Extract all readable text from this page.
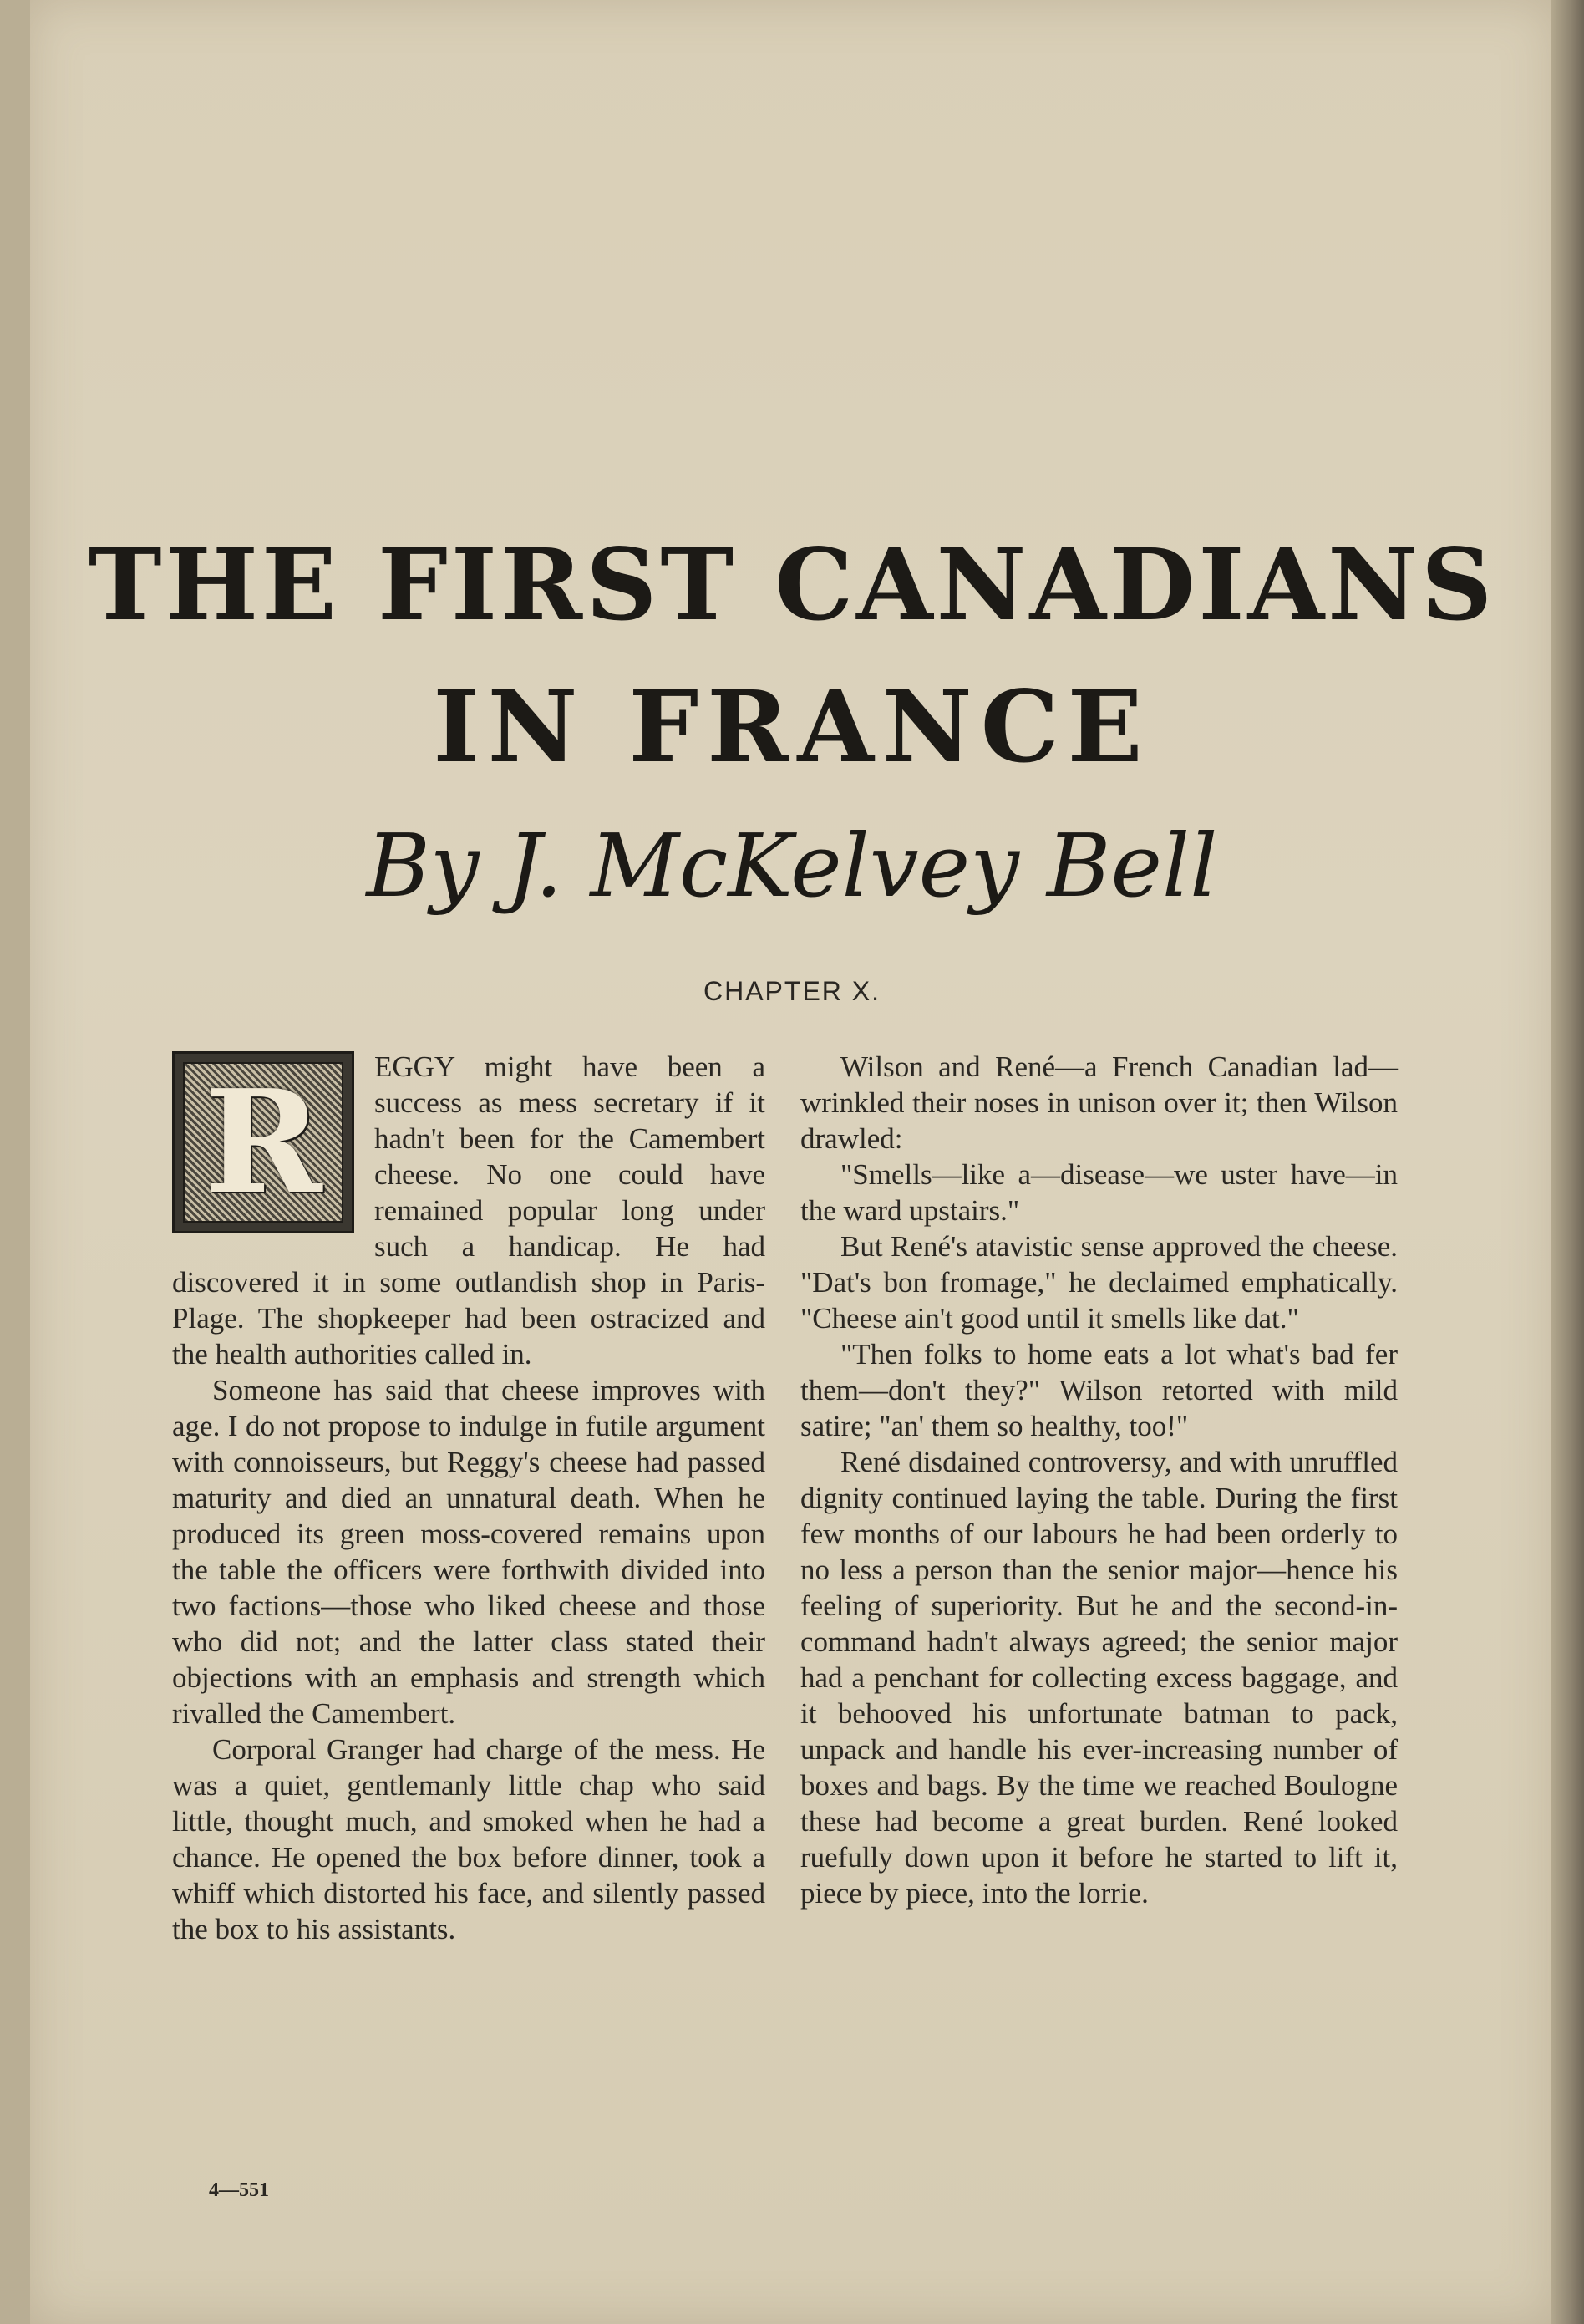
THE FIRST CANADIANS
IN FRANCE
By J. McKelvey Bell
CHAPTER X.
R	EGGY might have been a success as mess secretary if it hadn't been for the Camembert cheese. No one could have remained popular long under such a handicap. He had discovered it in some outlandish shop in Paris-Plage. The shopkeeper had been ostracized and the health authorities called in.

Someone has said that cheese improves with age. I do not propose to indulge in futile argument with connoisseurs, but Reggy's cheese had passed maturity and died an unnatural death. When he produced its green moss-covered remains upon the table the officers were forthwith divided into two factions—those who liked cheese and those who did not; and the latter class stated their objections with an emphasis and strength which rivalled the Camembert.

Corporal Granger had charge of the mess. He was a quiet, gentlemanly little chap who said little, thought much, and smoked when he had a chance. He opened the box before dinner, took a whiff which distorted his face, and silently passed the box to his assistants.

Wilson and René—a French Canadian lad—wrinkled their noses in unison over it; then Wilson drawled:

"Smells—like a—disease—we uster have—in the ward upstairs."

But René's atavistic sense approved the cheese. "Dat's bon fromage," he declaimed emphatically. "Cheese ain't good until it smells like dat."

"Then folks to home eats a lot what's bad fer them—don't they?" Wilson retorted with mild satire; "an' them so healthy, too!"

René disdained controversy, and with unruffled dignity continued laying the table. During the first few months of our labours he had been orderly to no less a person than the senior major—hence his feeling of superiority. But he and the second-in-command hadn't always agreed; the senior major had a penchant for collecting excess baggage, and it behooved his unfortunate batman to pack, unpack and handle his ever-increasing number of boxes and bags. By the time we reached Boulogne these had become a great burden. René looked ruefully down upon it before he started to lift it, piece by piece, into the lorrie.

4—551
